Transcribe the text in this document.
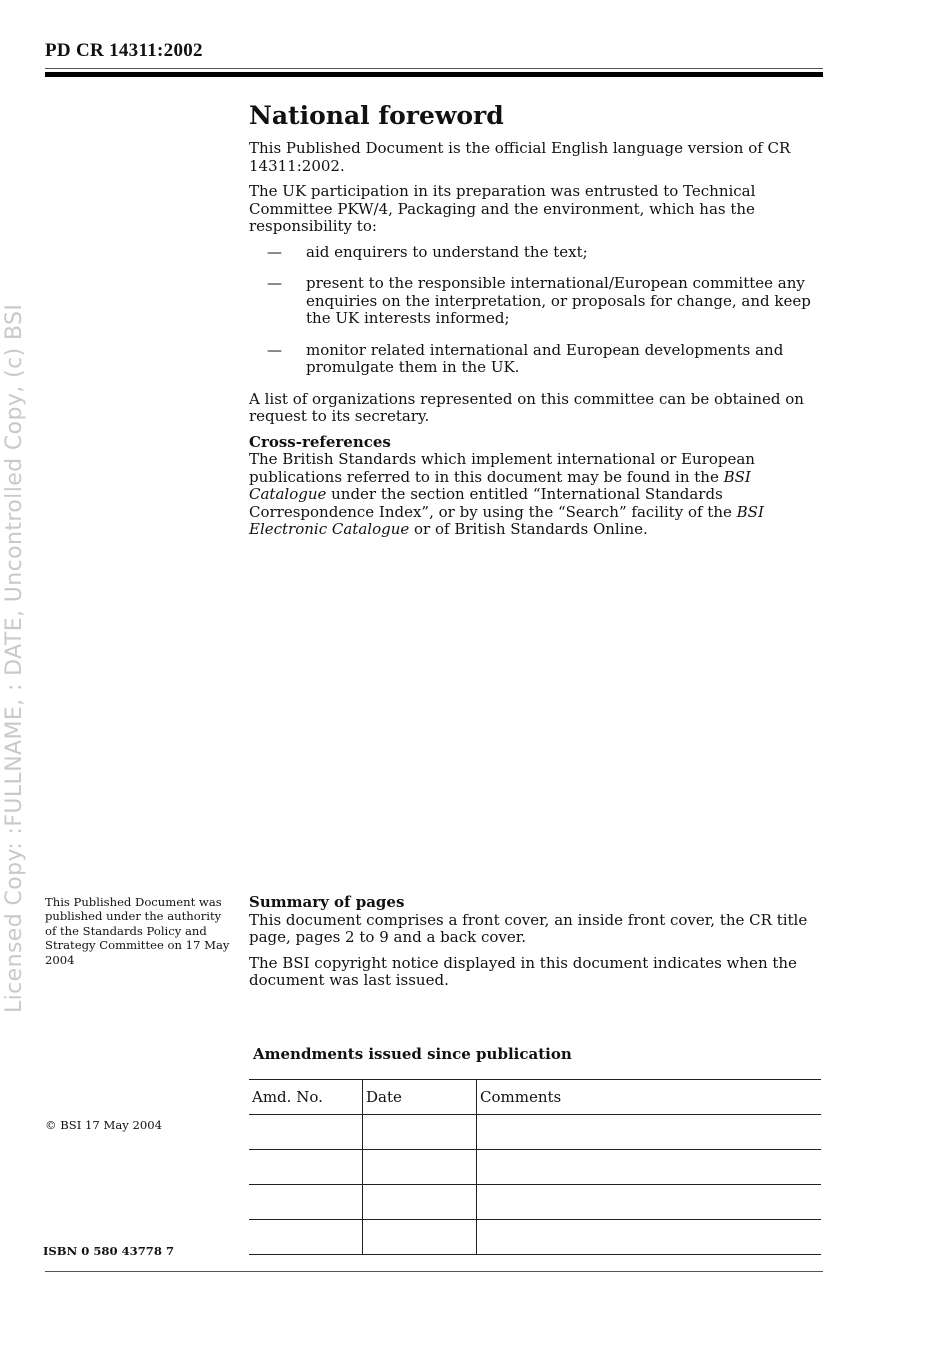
PD CR 14311:2002
Licensed Copy: :FULLNAME, : DATE, Uncontrolled Copy, (c) BSI
National foreword

This Published Document is the official English language version of CR 14311:2002.

The UK participation in its preparation was entrusted to Technical Committee PKW/4, Packaging and the environment, which has the responsibility to:

— aid enquirers to understand the text;
— present to the responsible international/European committee any enquiries on the interpretation, or proposals for change, and keep the UK interests informed;
— monitor related international and European developments and promulgate them in the UK.

A list of organizations represented on this committee can be obtained on request to its secretary.

Cross-references

The British Standards which implement international or European publications referred to in this document may be found in the BSI Catalogue under the section entitled “International Standards Correspondence Index”, or by using the “Search” facility of the BSI Electronic Catalogue or of British Standards Online.

This Published Document was published under the authority of the Standards Policy and Strategy Committee on 17 May 2004

Summary of pages

This document comprises a front cover, an inside front cover, the CR title page, pages 2 to 9 and a back cover.

The BSI copyright notice displayed in this document indicates when the document was last issued.

Amendments issued since publication
Amd. No.	Date	Comments

© BSI 17 May 2004
ISBN 0 580 43778 7
